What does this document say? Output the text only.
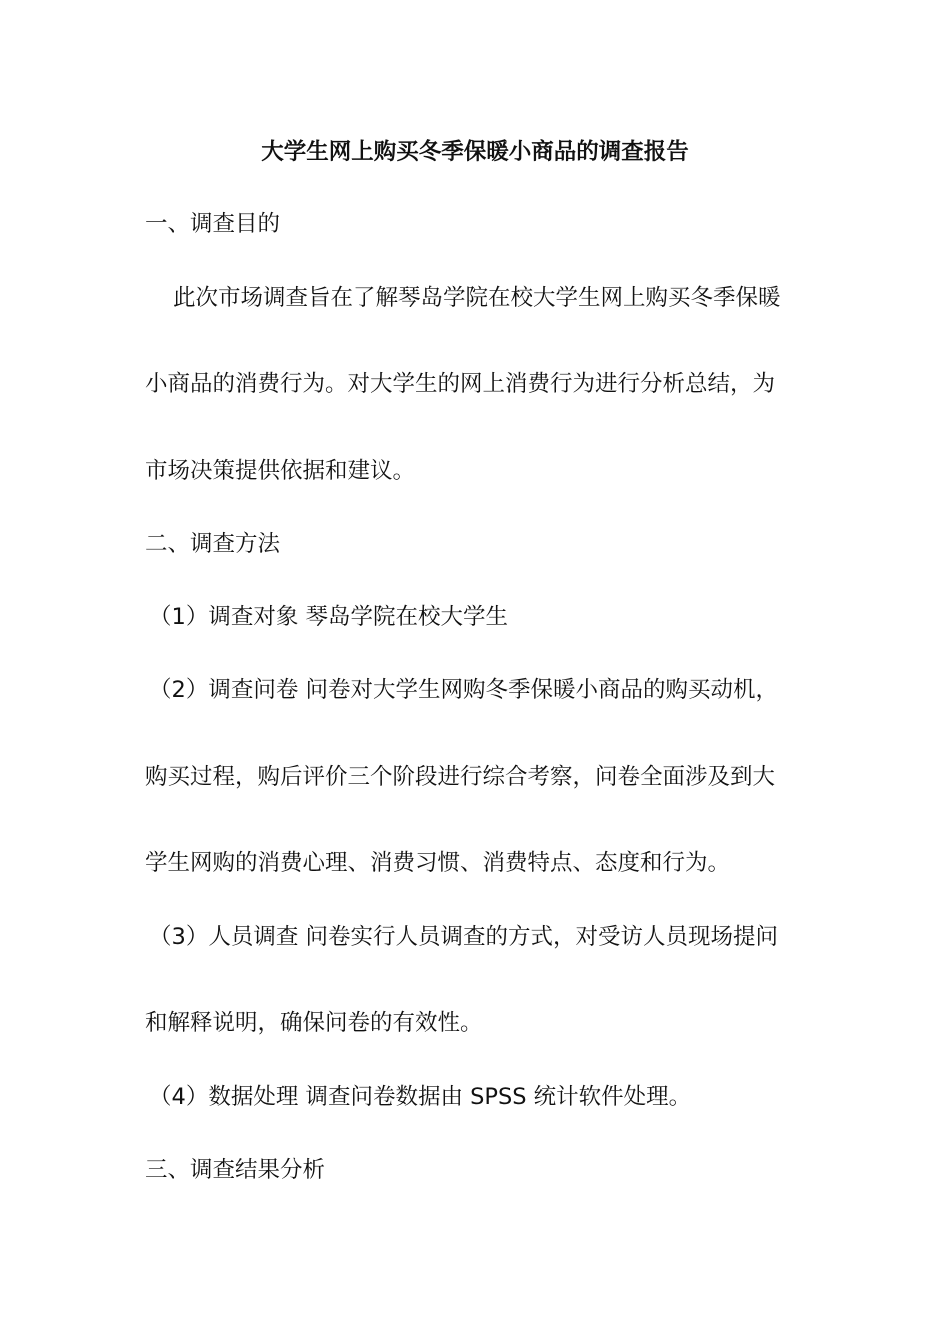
大学生网上购买冬季保暖小商品的调查报告
一、调查目的
此次市场调查旨在了解琴岛学院在校大学生网上购买冬季保暖
小商品的消费行为。对大学生的网上消费行为进行分析总结，为
市场决策提供依据和建议。
二、调查方法
（1）调查对象 琴岛学院在校大学生
（2）调查问卷 问卷对大学生网购冬季保暖小商品的购买动机，
购买过程，购后评价三个阶段进行综合考察，问卷全面涉及到大
学生网购的消费心理、消费习惯、消费特点、态度和行为。
（3）人员调查 问卷实行人员调查的方式，对受访人员现场提问
和解释说明，确保问卷的有效性。
（4）数据处理 调查问卷数据由 SPSS 统计软件处理。
三、调查结果分析
